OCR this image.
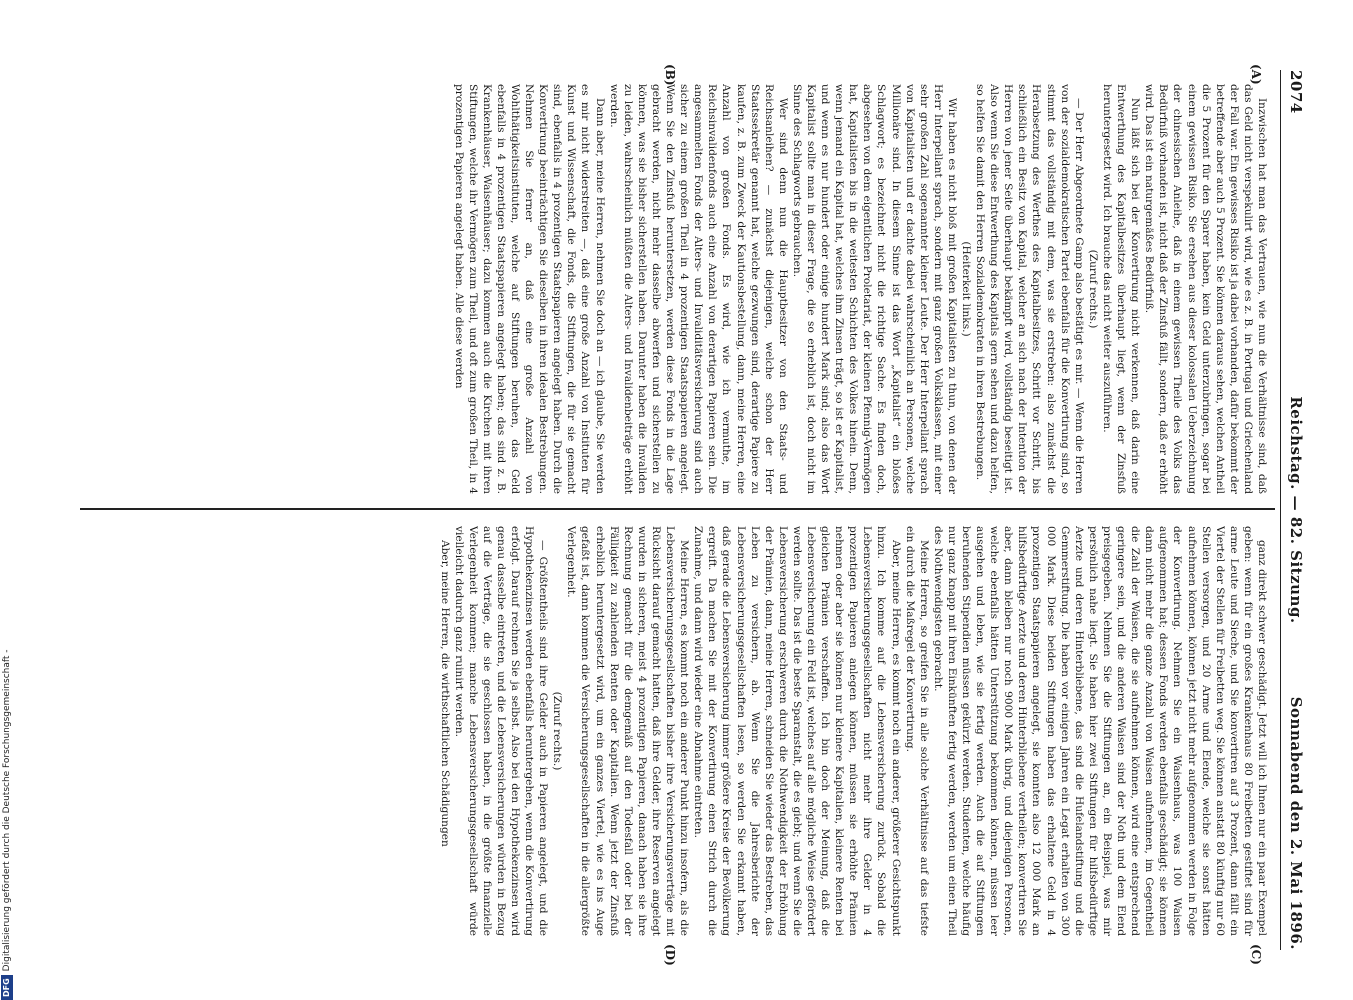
2074
Reichstag. — 82. Sitzung.
Sonnabend den 2. Mai 1896.
(A)
(B)
(C)
(D)

Inzwischen hat man das Vertrauen, wie nun die Verhältnisse sind, daß das Geld nicht verspekulirt wird, wie es z. B. in Portugal und Griechenland der Fall war. Ein gewisses Risiko ist ja dabei vorhanden, dafür bekommt der betreffende aber auch 5 Prozent. Sie können daraus sehen, welchen Antheil die 5 Prozent für den Sparer haben, kein Geld unterzubringen, sogar bei einem gewissen Risiko. Sie ersehen aus dieser kolossalen Ueberzeichnung der chinesischen Anleihe, daß in einem gewissen Theile des Volks das Bedürfniß vorhanden ist, nicht daß der Zinsfuß fällt, sondern, daß er erhöht wird. Das ist ein naturgemäßes Bedürfniß.

Nun läßt sich bei der Konvertirung nicht verkennen, daß darin eine Entwerthung des Kapitalbesitzes überhaupt liegt, wenn der Zinsfuß heruntergesetzt wird. Ich brauche das nicht weiter auszuführen.

(Zuruf rechts.)

— Der Herr Abgeordnete Gamp also bestätigt es mir. — Wenn die Herren von der sozialdemokratischen Partei ebenfalls für die Konvertirung sind, so stimmt das vollständig mit dem, was sie erstreben: also zunächst die Herabsetzung des Werthes des Kapitalbesitzes, Schritt vor Schritt, bis schließlich ein Besitz von Kapital, welcher an sich nach der Intention der Herren von jener Seite überhaupt bekämpft wird, vollständig beseitigt ist. Also wenn Sie diese Entwerthung des Kapitals gern sehen und dazu helfen, so helfen Sie damit den Herren Sozialdemokraten in ihren Bestrebungen.

(Heiterkeit links.)

Wir haben es nicht bloß mit großen Kapitalisten zu thun, von denen der Herr Interpellant sprach, sondern mit ganz großen Volksklassen, mit einer sehr großen Zahl sogenannter kleiner Leute. Der Herr Interpellant sprach von Kapitalisten und er dachte dabei wahrscheinlich an Personen, welche Millionäre sind. In diesem Sinne ist das Wort „Kapitalist“ ein bloßes Schlagwort; es bezeichnet nicht die richtige Sache. Es finden doch, abgesehen von dem eigentlichen Proletariat, der kleinen Pfennig-Vermögen hat, Kapitalisten bis in die weitesten Schichten des Volkes hinein. Denn, wenn jemand ein Kapital hat, welches ihm Zinsen trägt, so ist er Kapitalist, und wenn es nur hundert oder einige hundert Mark sind; also das Wort Kapitalist sollte man in dieser Frage, die so erheblich ist, doch nicht im Sinne des Schlagworts gebrauchen.

Wer sind denn nun die Hauptbesitzer von den Staats- und Reichsanleihen? — zunächst diejenigen, welche schon der Herr Staatssekretär genannt hat, welche gezwungen sind, derartige Papiere zu kaufen, z. B. zum Zweck der Kautionsbestellung, dann, meine Herren, eine Anzahl von großen Fonds. Es wird, wie ich vermuthe, im Reichsinvalidenfonds auch eine Anzahl von derartigen Papieren sein. Die angesammelten Fonds der Alters- und Invaliditätsversicherung sind auch sicher zu einem großen Theil in 4 prozentigen Staatspapieren angelegt. Wenn Sie den Zinsfuß heruntersetzen, werden diese Fonds in die Lage gebracht werden, nicht mehr dasselbe abwerfen und sicherstellen zu können, was sie bisher sicherstellen haben. Darunter haben die Invaliden zu leiden, wahrscheinlich müßten die Alters- und Invalidenbeiträge erhöht werden.

Dann aber, meine Herren, nehmen Sie doch an — ich glaube, Sie werden es mir nicht widerstreiten —, daß eine große Anzahl von Instituten für Kunst und Wissenschaft, die Fonds, die Stiftungen, die für sie gemacht sind, ebenfalls in 4 prozentigen Staatspapieren angelegt haben. Durch die Konvertirung beeinträchtigen Sie dieselben in ihren idealen Bestrebungen. Nehmen Sie ferner an, daß eine große Anzahl von Wohlthätigkeitsinstituten, welche auf Stiftungen beruhen, das Geld ebenfalls in 4 prozentigen Staatspapieren angelegt haben; das sind z. B. Krankenhäuser, Waisenhäuser; dazu kommen auch die Kirchen mit ihren Stiftungen, welche ihr Vermögen zum Theil, und oft zum großen Theil, in 4 prozentigen Papieren angelegt haben. Alle diese werden

ganz direkt schwer geschädigt. Jetzt will ich Ihnen nur ein paar Exempel geben: wenn für ein großes Krankenhaus 80 Freibetten gestiftet sind für arme Leute und Sieche, und Sie konvertiren auf 3 Prozent, dann fällt ein Viertel der Stellen für Freibetten weg. Sie können anstatt 80 künftig nur 60 Stellen versorgen, und 20 Arme und Elende, welche sie sonst hätten aufnehmen können, können jetzt nicht mehr aufgenommen werden in Folge der Konvertirung. Nehmen Sie ein Waisenhaus, was 100 Waisen aufgenommen hat; dessen Fonds werden ebenfalls geschädigt; sie können dann nicht mehr die ganze Anzahl von Waisen aufnehmen, im Gegentheil die Zahl der Waisen, die sie aufnehmen können, wird eine entsprechend geringere sein, und die anderen Waisen sind der Noth und dem Elend preisgegeben. Nehmen Sie die Stiftungen an, ein Beispiel, was mir persönlich nahe liegt. Sie haben hier zwei Stiftungen für hilfsbedürftige Aerzte und deren Hinterbliebene, das sind die Hufelandstiftung und die Gemmerstiftung. Die haben vor einigen Jahren ein Legat erhalten von 300 000 Mark. Diese beiden Stiftungen haben das erhaltene Geld in 4 prozentigen Staatspapieren angelegt, sie konnten also 12 000 Mark an hilfsbedürftige Aerzte und deren Hinterbliebene vertheilen; konvertiren Sie aber, dann bleiben nur noch 9000 Mark übrig, und diejenigen Personen, welche ebenfalls hätten Unterstützung bekommen können, müssen leer ausgehen und leben, wie sie fertig werden. Auch die auf Stiftungen beruhenden Stipendien müssen gekürzt werden. Studenten, welche häufig nur ganz knapp mit ihren Einkünften fertig werden, werden um einen Theil des Nothwendigsten gebracht.

Meine Herren, so greifen Sie in alle solche Verhältnisse auf das tiefste ein durch die Maßregel der Konvertirung.

Aber, meine Herren, es kommt noch ein anderer, größerer Gesichtspunkt hinzu. Ich komme auf die Lebensversicherung zurück. Sobald die Lebensversicherungsgesellschaften nicht mehr ihre Gelder in 4 prozentigen Papieren anlegen können, müssen sie erhöhte Prämien nehmen oder aber sie können nur kleinere Kapitalien, kleinere Renten bei gleichen Prämien verschaffen. Ich bin doch der Meinung, daß die Lebensversicherung ein Feld ist, welches auf alle mögliche Weise gefördert werden sollte. Das ist die beste Sparanstalt, die es giebt; und wenn Sie die Lebensversicherung erschweren durch die Nothwendigkeit der Erhöhung der Prämien, dann, meine Herren, schneiden Sie wieder das Bestreben, das Leben zu versichern, ab. Wenn Sie die Jahresberichte der Lebensversicherungsgesellschaften lesen, so werden Sie erkannt haben, daß gerade die Lebensversicherung immer größere Kreise der Bevölkerung ergreift. Da machen Sie mit der Konvertirung einen Strich durch die Zunahme, und dann wird wieder eine Abnahme eintreten.

Meine Herren, es kommt noch ein anderer Punkt hinzu insofern, als die Lebensversicherungsgesellschaften bisher ihre Versicherungsverträge mit Rücksicht darauf gemacht hatten, daß ihre Gelder, ihre Reserven angelegt wurden in sicheren, meist 4 prozentigen Papieren, danach haben sie ihre Rechnung gemacht für die demgemäß auf den Todesfall oder bei der Fälligkeit zu zahlenden Renten oder Kapitalien. Wenn jetzt der Zinsfuß erheblich heruntergesetzt wird, um ein ganzes Viertel, wie es ins Auge gefaßt ist, dann kommen die Versicherungsgesellschaften in die allergrößte Verlegenheit.

(Zuruf rechts.)

— Größtentheils sind ihre Gelder auch in Papieren angelegt, und die Hypothekenzinsen werden ebenfalls heruntergehen, wenn die Konvertirung erfolgt. Darauf rechnen Sie ja selbst. Also bei den Hypothekenzinsen wird genau dasselbe eintreten, und die Lebensversicherungen würden in Bezug auf die Verträge, die sie geschlossen haben, in die größte finanzielle Verlegenheit kommen; manche Lebensversicherungsgesellschaft würde vielleicht dadurch ganz ruinirt werden.

Aber, meine Herren, die wirthschaftlichen Schädigungen

DFGDigitalisierung gefördert durch die Deutsche Forschungsgemeinschaft -
